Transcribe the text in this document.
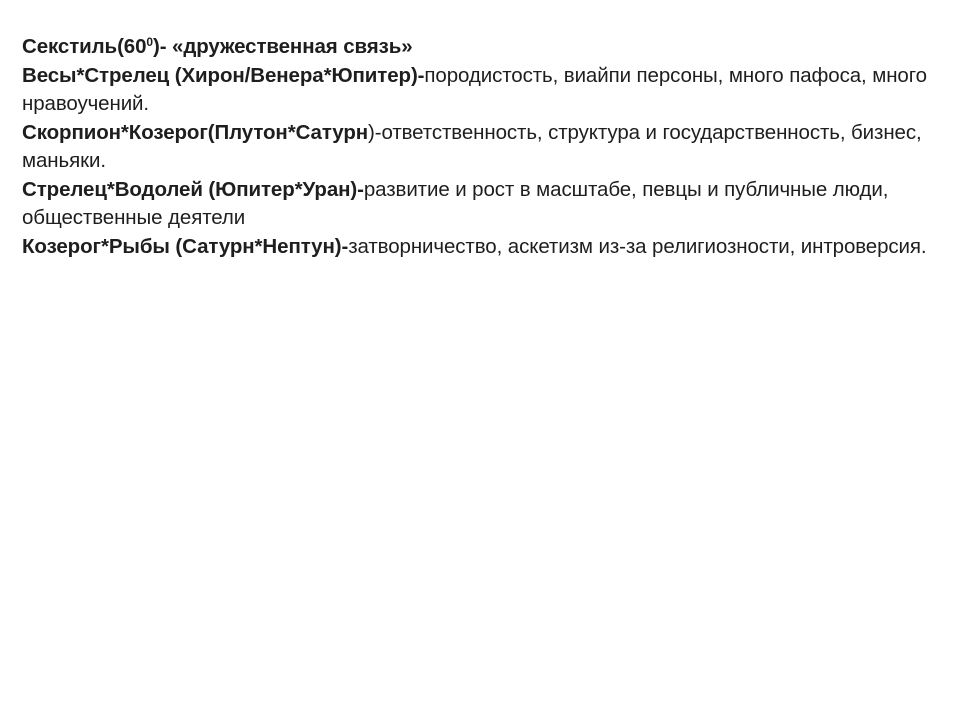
$Секстиль(60^0)-$ «дружественная связь»

Весы*Стрелец (Хирон/Венера*Юпитер)-породистость, виайпи персоны, много пафоса, много нравоучений.

Скорпион*Козерог(Плутон*Сатурн)-ответственность, структура и государственность, бизнес, маньяки.

Стрелец*Водолей (Юпитер*Уран)-развитие и рост в масштабе, певцы и публичные люди, общественные деятели

Козерог*Рыбы (Сатурн*Нептун)-затворничество, аскетизм из-за религиозности, интроверсия.
